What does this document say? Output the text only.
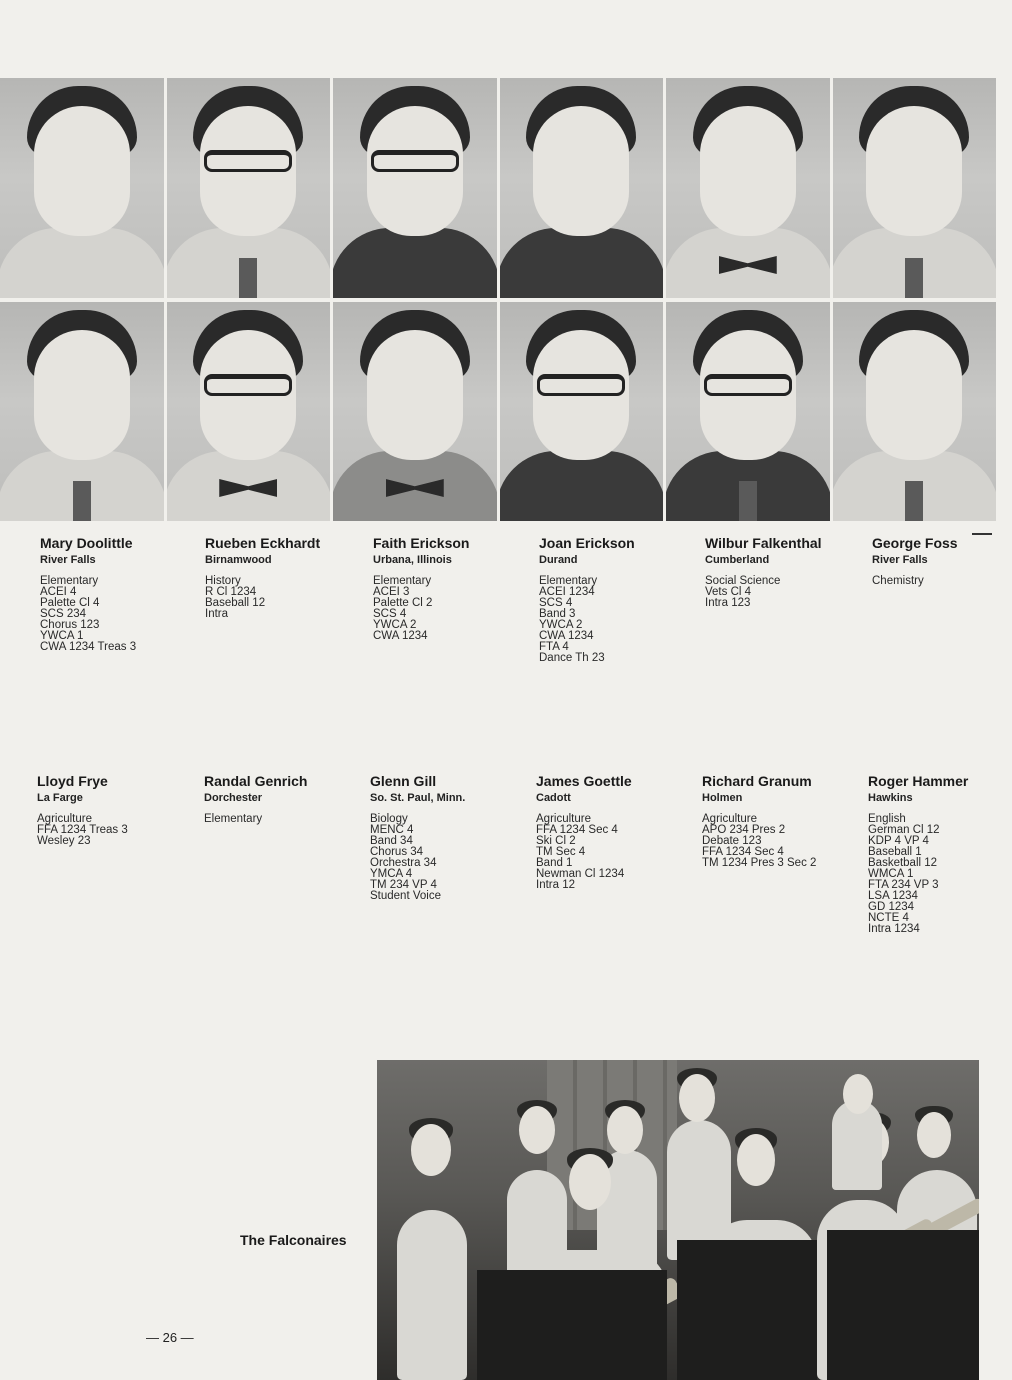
Mary Doolittle
River Falls
Elementary
ACEI 4
Palette Cl 4
SCS 234
Chorus 123
YWCA 1
CWA 1234 Treas 3
Rueben Eckhardt
Birnamwood
History
R Cl 1234
Baseball 12
Intra
Faith Erickson
Urbana, Illinois
Elementary
ACEI 3
Palette Cl 2
SCS 4
YWCA 2
CWA 1234
Joan Erickson
Durand
Elementary
ACEI 1234
SCS 4
Band 3
YWCA 2
CWA 1234
FTA 4
Dance Th 23
Wilbur Falkenthal
Cumberland
Social Science
Vets Cl 4
Intra 123
George Foss
River Falls
Chemistry
Lloyd Frye
La Farge
Agriculture
FFA 1234 Treas 3
Wesley 23
Randal Genrich
Dorchester
Elementary
Glenn Gill
So. St. Paul, Minn.
Biology
MENC 4
Band 34
Chorus 34
Orchestra 34
YMCA 4
TM 234 VP 4
Student Voice
James Goettle
Cadott
Agriculture
FFA 1234 Sec 4
Ski Cl 2
TM Sec 4
Band 1
Newman Cl 1234
Intra 12
Richard Granum
Holmen
Agriculture
APO 234 Pres 2
Debate 123
FFA 1234 Sec 4
TM 1234 Pres 3 Sec 2
Roger Hammer
Hawkins
English
German Cl 12
KDP 4 VP 4
Baseball 1
Basketball 12
WMCA 1
FTA 234 VP 3
LSA 1234
GD 1234
NCTE 4
Intra 1234
The Falconaires
— 26 —
